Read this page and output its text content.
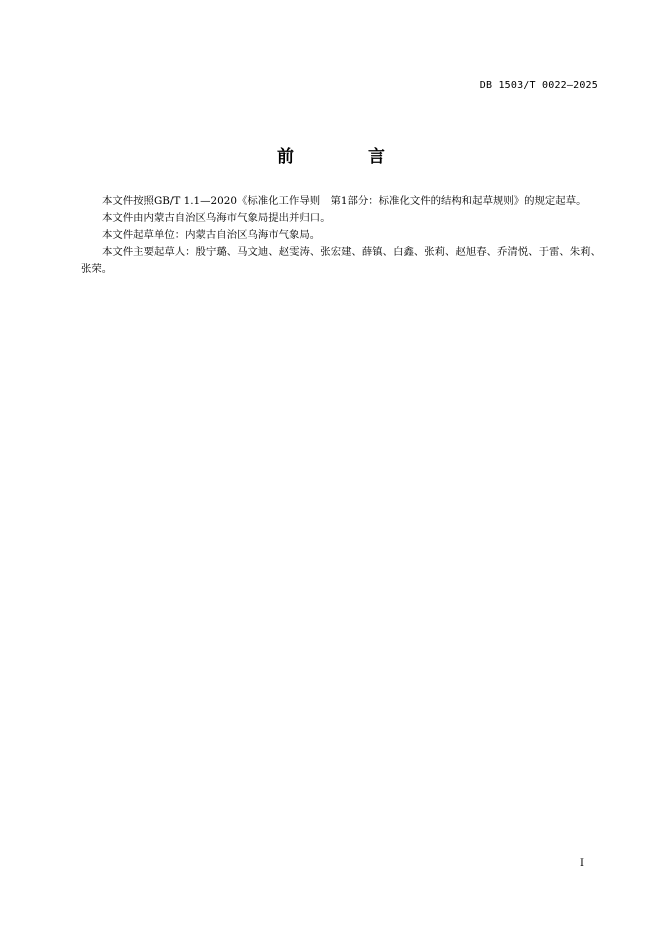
DB 1503/T 0022—2025
前 言

本文件按照GB/T 1.1—2020《标准化工作导则　第1部分：标准化文件的结构和起草规则》的规定起草。

本文件由内蒙古自治区乌海市气象局提出并归口。

本文件起草单位：内蒙古自治区乌海市气象局。

本文件主要起草人：殷宁璐、马文迪、赵雯涛、张宏建、薛镇、白鑫、张莉、赵旭春、乔清悦、于雷、朱莉、张荣。

I
